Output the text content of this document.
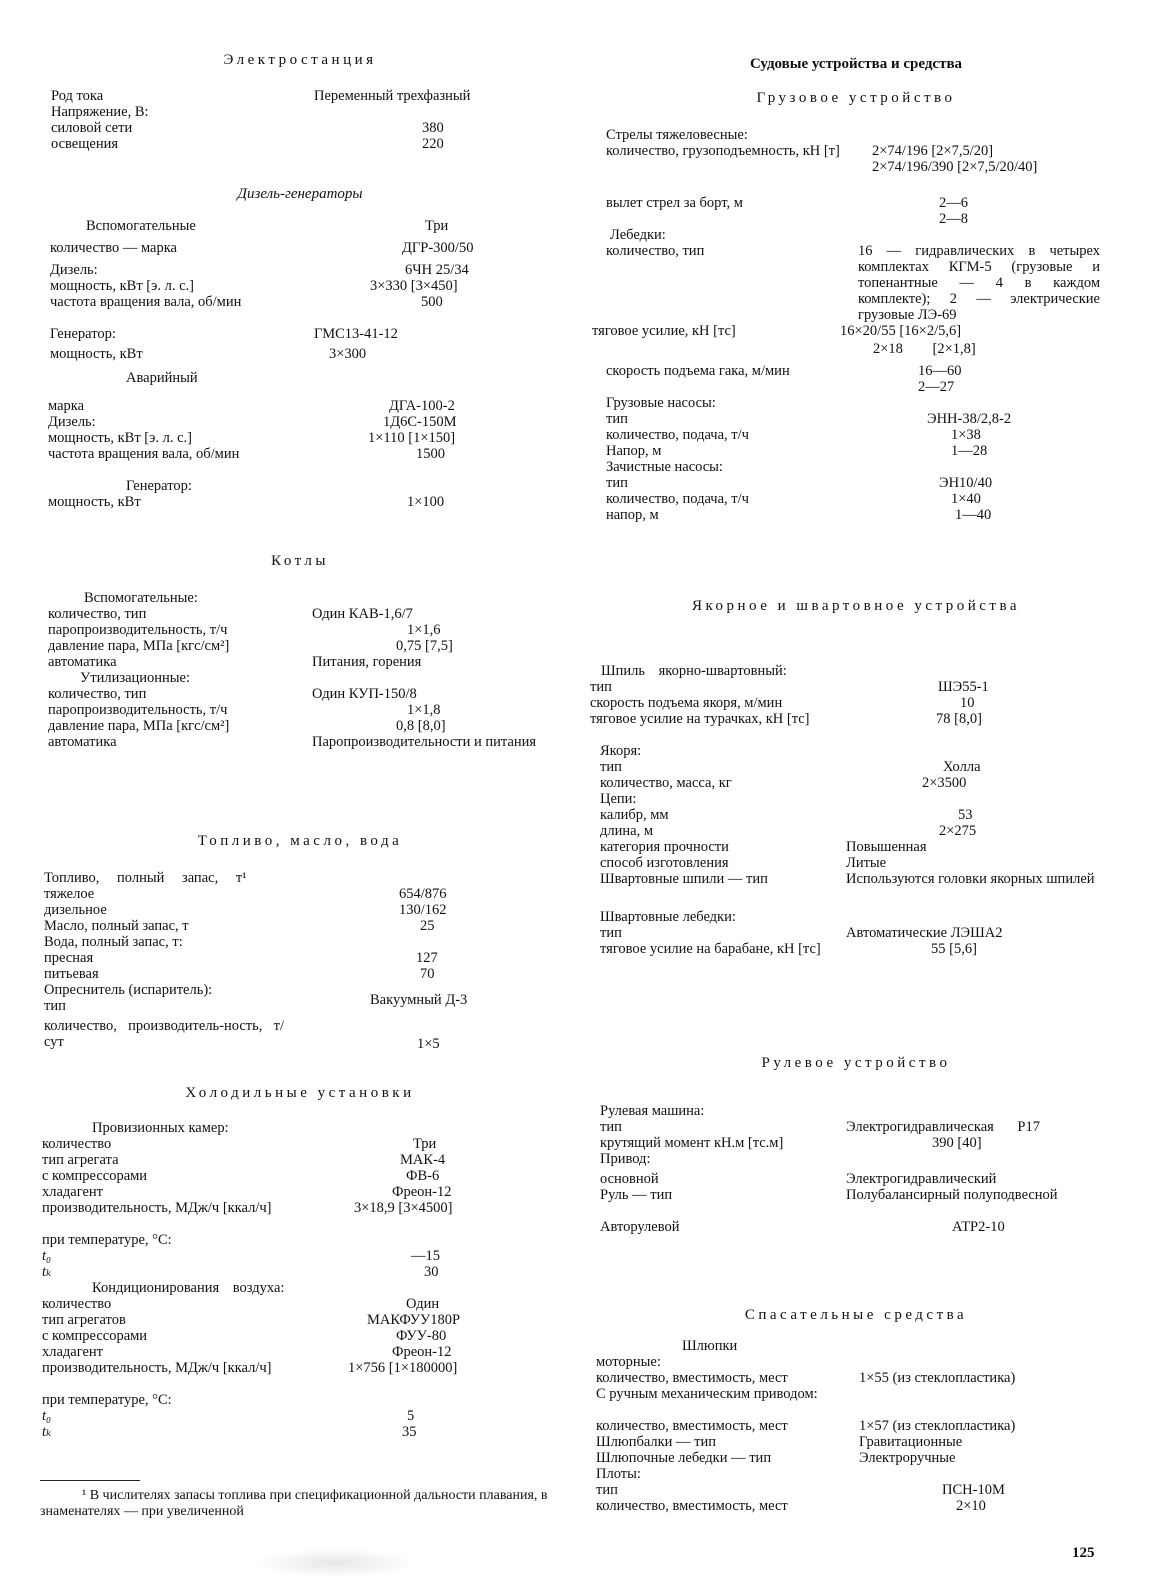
Электростанция
Род тока	Переменный трехфазный
Напряжение, В:
силовой сети	380
освещения	220
Дизель-генераторы
Вспомогательные	Три
количество — марка	ДГР-300/50
Дизель:	6ЧН 25/34
мощность, кВт [э. л. с.]	3×330 [3×450]
частота вращения вала, об/мин	500
Генератор:	ГМС13-41-12
мощность, кВт	3×300
Аварийный
марка	ДГА-100-2
Дизель:	1Д6С-150М
мощность, кВт [э. л. с.]	1×110 [1×150]
частота вращения вала, об/мин	1500
Генератор:
мощность, кВт	1×100
Котлы
Вспомогательные:
количество, тип	Один КАВ-1,6/7
паропроизводительность, т/ч	1×1,6
давление пара, МПа [кгс/см²]	0,75 [7,5]
автоматика	Питания, горения
Утилизационные:
количество, тип	Один КУП-150/8
паропроизводительность, т/ч	1×1,8
давление пара, МПа [кгс/см²]	0,8 [8,0]
автоматика	Паропроизводительности и питания
Топливо, масло, вода
Топливо, полный запас, т¹
тяжелое	654/876
дизельное	130/162
Масло, полный запас, т	25
Вода, полный запас, т:
пресная	127
питьевая	70
Опреснитель (испаритель):
тип	Вакуумный Д-3
количество, производитель-ность, т/сут	1×5
Холодильные установки
Провизионных камер:
количество	Три
тип агрегата	МАК-4
с компрессорами	ФВ-6
хладагент	Фреон-12
производительность, МДж/ч [ккал/ч]	3×18,9 [3×4500]
при температуре, °С:
t₀	—15
tₖ	30
Кондиционирования воздуха:
количество	Один
тип агрегатов	МАКФУУ180Р
с компрессорами	ФУУ-80
хладагент	Фреон-12
производительность, МДж/ч [ккал/ч]	1×756 [1×180000]
при температуре, °С:
t₀	5
tₖ	35
¹ В числителях запасы топлива при спецификационной дальности плавания, в знаменателях — при увеличенной
Судовые устройства и средства
Грузовое устройство
Стрелы тяжеловесные:
количество, грузоподъемность, кН [т]	2×74/196 [2×7,5/20]
2×74/196/390 [2×7,5/20/40]
вылет стрел за борт, м	2—6
2—8
Лебедки:
количество, тип	16 — гидравлических в четырех комплектах КГМ-5 (грузовые и топенантные — 4 в каждом комплекте); 2 — электрические грузовые ЛЭ-69
тяговое усилие, кН [тс]	16×20/55 [16×2/5,6]
2×18 [2×1,8]
скорость подъема гака, м/мин	16—60
2—27
Грузовые насосы:
тип	ЭНН-38/2,8-2
количество, подача, т/ч	1×38
Напор, м	1—28
Зачистные насосы:
тип	ЭН10/40
количество, подача, т/ч	1×40
напор, м	1—40
Якорное и швартовное устройства
Шпиль якорно-швартовный:
тип	ШЭ55-1
скорость подъема якоря, м/мин	10
тяговое усилие на турачках, кН [тс]	78 [8,0]
Якоря:
тип	Холла
количество, масса, кг	2×3500
Цепи:
калибр, мм	53
длина, м	2×275
категория прочности	Повышенная
способ изготовления	Литые
Швартовные шпили — тип	Используются головки якорных шпилей
Швартовные лебедки:
тип	Автоматические ЛЭША2
тяговое усилие на барабане, кН [тс]	55 [5,6]
Рулевое устройство
Рулевая машина:
тип	Электрогидравлическая Р17
крутящий момент кН.м [тс.м]	390 [40]
Привод:
основной	Электрогидравлический
Руль — тип	Полубалансирный полуподвесной
Авторулевой	АТР2-10
Спасательные средства
Шлюпки
моторные:
количество, вместимость, мест	1×55 (из стеклопластика)
С ручным механическим приводом:
количество, вместимость, мест	1×57 (из стеклопластика)
Шлюпбалки — тип	Гравитационные
Шлюпочные лебедки — тип	Электроручные
Плоты:
тип	ПСН-10М
количество, вместимость, мест	2×10
125
